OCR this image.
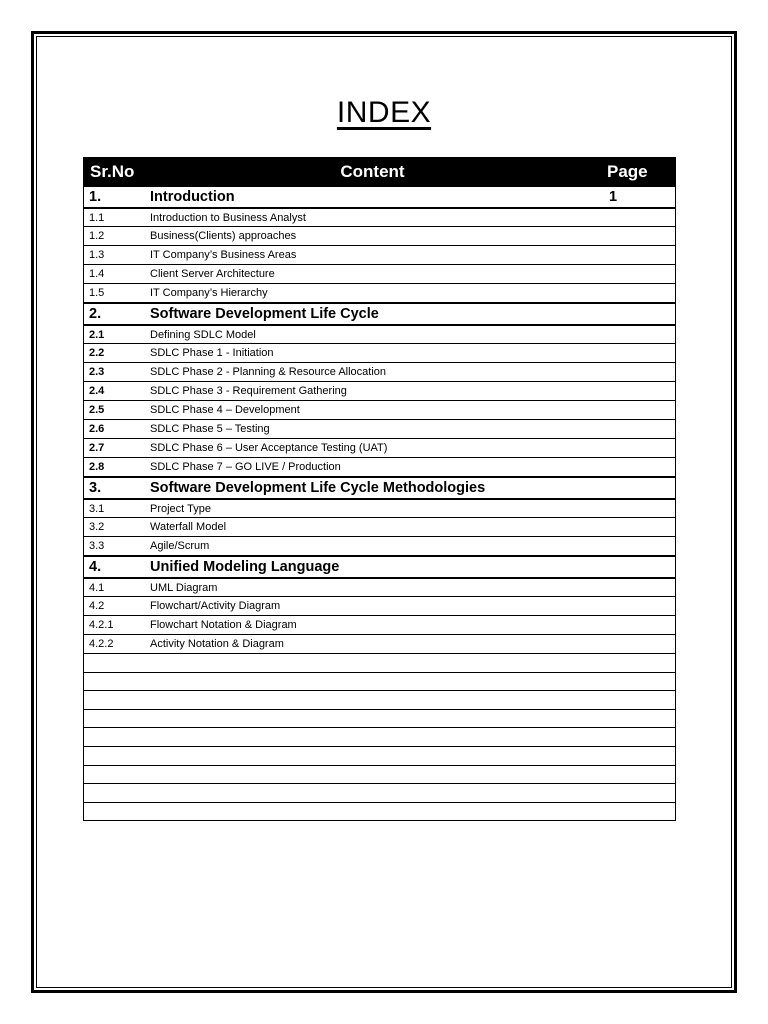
INDEX
Sr.No	Content	Page
1.	Introduction	1
1.1	Introduction to Business Analyst
1.2	Business(Clients) approaches
1.3	IT Company’s Business Areas
1.4	Client Server Architecture
1.5	IT Company’s Hierarchy
2.	Software Development Life Cycle
2.1	Defining SDLC Model
2.2	SDLC Phase 1 - Initiation
2.3	SDLC Phase 2 - Planning & Resource Allocation
2.4	SDLC Phase 3 - Requirement Gathering
2.5	SDLC Phase 4 – Development
2.6	SDLC Phase 5 – Testing
2.7	SDLC Phase 6 – User Acceptance Testing (UAT)
2.8	SDLC Phase 7 – GO LIVE / Production
3.	Software Development Life Cycle Methodologies
3.1	Project Type
3.2	Waterfall Model
3.3	Agile/Scrum
4.	Unified Modeling Language
4.1	UML Diagram
4.2	Flowchart/Activity Diagram
4.2.1	Flowchart Notation & Diagram
4.2.2	Activity Notation & Diagram
